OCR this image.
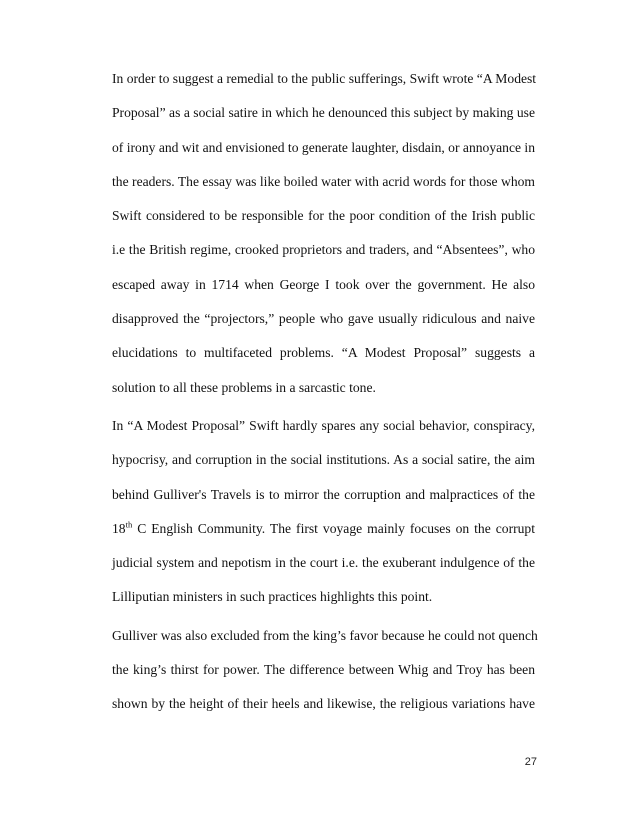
In order to suggest a remedial to the public sufferings, Swift wrote “A Modest
Proposal” as a social satire in which he denounced this subject by making use
of irony and wit and envisioned to generate laughter, disdain, or annoyance in
the readers. The essay was like boiled water with acrid words for those whom
Swift considered to be responsible for the poor condition of the Irish public
i.e the British regime, crooked proprietors and traders, and “Absentees”, who
escaped away in 1714 when George I took over the government. He also
disapproved the “projectors,” people who gave usually ridiculous and naive
elucidations to multifaceted problems. “A Modest Proposal” suggests a
solution to all these problems in a sarcastic tone.
In “A Modest Proposal” Swift hardly spares any social behavior, conspiracy,
hypocrisy, and corruption in the social institutions. As a social satire, the aim
behind Gulliver's Travels is to mirror the corruption and malpractices of the
18th C English Community. The first voyage mainly focuses on the corrupt
judicial system and nepotism in the court i.e. the exuberant indulgence of the
Lilliputian ministers in such practices highlights this point.
Gulliver was also excluded from the king’s favor because he could not quench
the king’s thirst for power. The difference between Whig and Troy has been
shown by the height of their heels and likewise, the religious variations have
27
